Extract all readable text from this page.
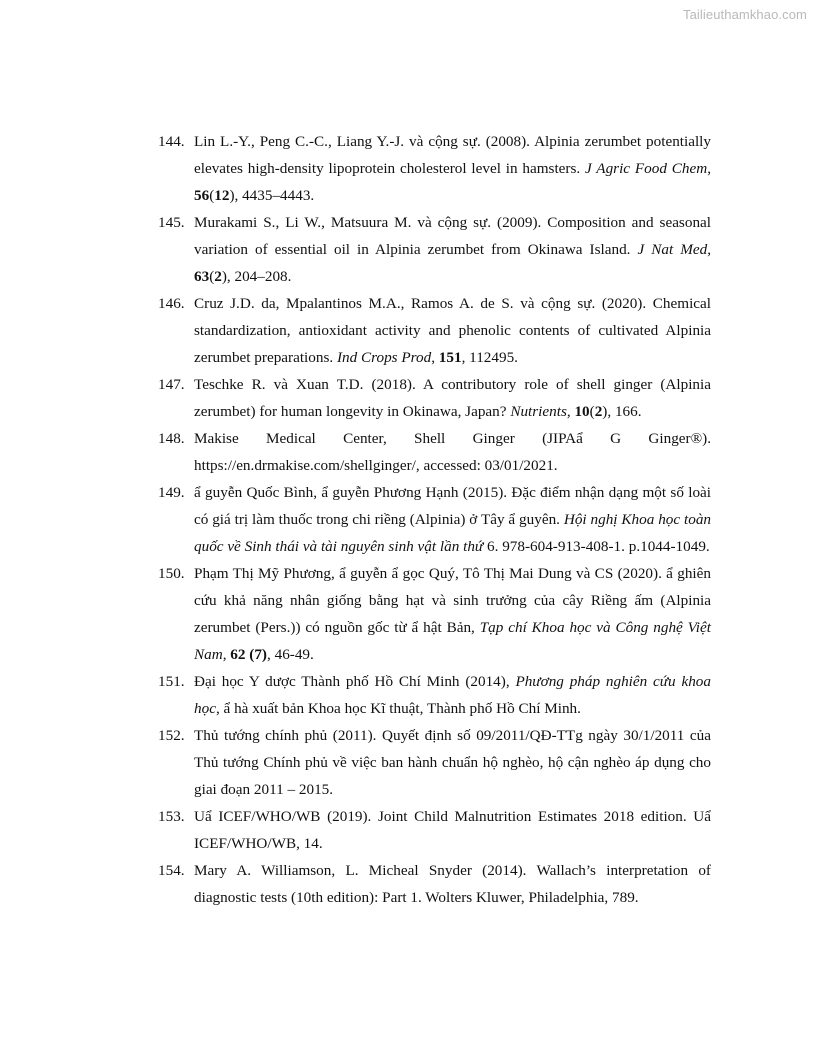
Tailieuthamkhao.com
144. Lin L.-Y., Peng C.-C., Liang Y.-J. và cộng sự. (2008). Alpinia zerumbet potentially elevates high-density lipoprotein cholesterol level in hamsters. J Agric Food Chem, 56(12), 4435–4443.
145. Murakami S., Li W., Matsuura M. và cộng sự. (2009). Composition and seasonal variation of essential oil in Alpinia zerumbet from Okinawa Island. J Nat Med, 63(2), 204–208.
146. Cruz J.D. da, Mpalantinos M.A., Ramos A. de S. và cộng sự. (2020). Chemical standardization, antioxidant activity and phenolic contents of cultivated Alpinia zerumbet preparations. Ind Crops Prod, 151, 112495.
147. Teschke R. và Xuan T.D. (2018). A contributory role of shell ginger (Alpinia zerumbet) for human longevity in Okinawa, Japan? Nutrients, 10(2), 166.
148. Makise Medical Center, Shell Ginger (JIPAẩ G Ginger®). https://en.drmakise.com/shellginger/, accessed: 03/01/2021.
149. ẩ guyễn Quốc Bình, ẩ guyễn Phương Hạnh (2015). Đặc điểm nhận dạng một số loài có giá trị làm thuốc trong chi riềng (Alpinia) ở Tây ẩ guyên. Hội nghị Khoa học toàn quốc về Sinh thái và tài nguyên sinh vật lần thứ 6. 978-604-913-408-1. p.1044-1049.
150. Phạm Thị Mỹ Phương, ẩ guyễn ẩ gọc Quý, Tô Thị Mai Dung và CS (2020). ẩ ghiên cứu khả năng nhân giống bằng hạt và sinh trưởng của cây Riềng ấm (Alpinia zerumbet (Pers.)) có nguồn gốc từ ẩ hật Bản, Tạp chí Khoa học và Công nghệ Việt Nam, 62 (7), 46-49.
151. Đại học Y dược Thành phố Hồ Chí Minh (2014), Phương pháp nghiên cứu khoa học, ẩ hà xuất bản Khoa học Kĩ thuật, Thành phố Hồ Chí Minh.
152. Thủ tướng chính phủ (2011). Quyết định số 09/2011/QĐ-TTg ngày 30/1/2011 của Thủ tướng Chính phủ về việc ban hành chuẩn hộ nghèo, hộ cận nghèo áp dụng cho giai đoạn 2011 – 2015.
153. Uẩ ICEF/WHO/WB (2019). Joint Child Malnutrition Estimates 2018 edition. Uẩ ICEF/WHO/WB, 14.
154. Mary A. Williamson, L. Micheal Snyder (2014). Wallach’s interpretation of diagnostic tests (10th edition): Part 1. Wolters Kluwer, Philadelphia, 789.
